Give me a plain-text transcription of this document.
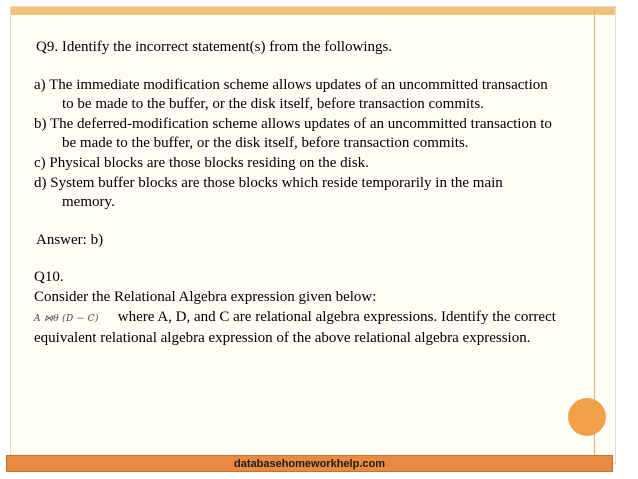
Q9. Identify the incorrect statement(s) from the followings.

a) The immediate modification scheme allows updates of an uncommitted transaction

to be made to the buffer, or the disk itself, before transaction commits.

b) The deferred-modification scheme allows updates of an uncommitted transaction to

be made to the buffer, or the disk itself, before transaction commits.

c) Physical blocks are those blocks residing on the disk.

d) System buffer blocks are those blocks which reside temporarily in the main

memory.

Answer: b)

Q10.

Consider the Relational Algebra expression given below:

A ⋈θ (D − C) where A, D, and C are relational algebra expressions. Identify the correct

equivalent relational algebra expression of the above relational algebra expression.

databasehomeworkhelp.com
